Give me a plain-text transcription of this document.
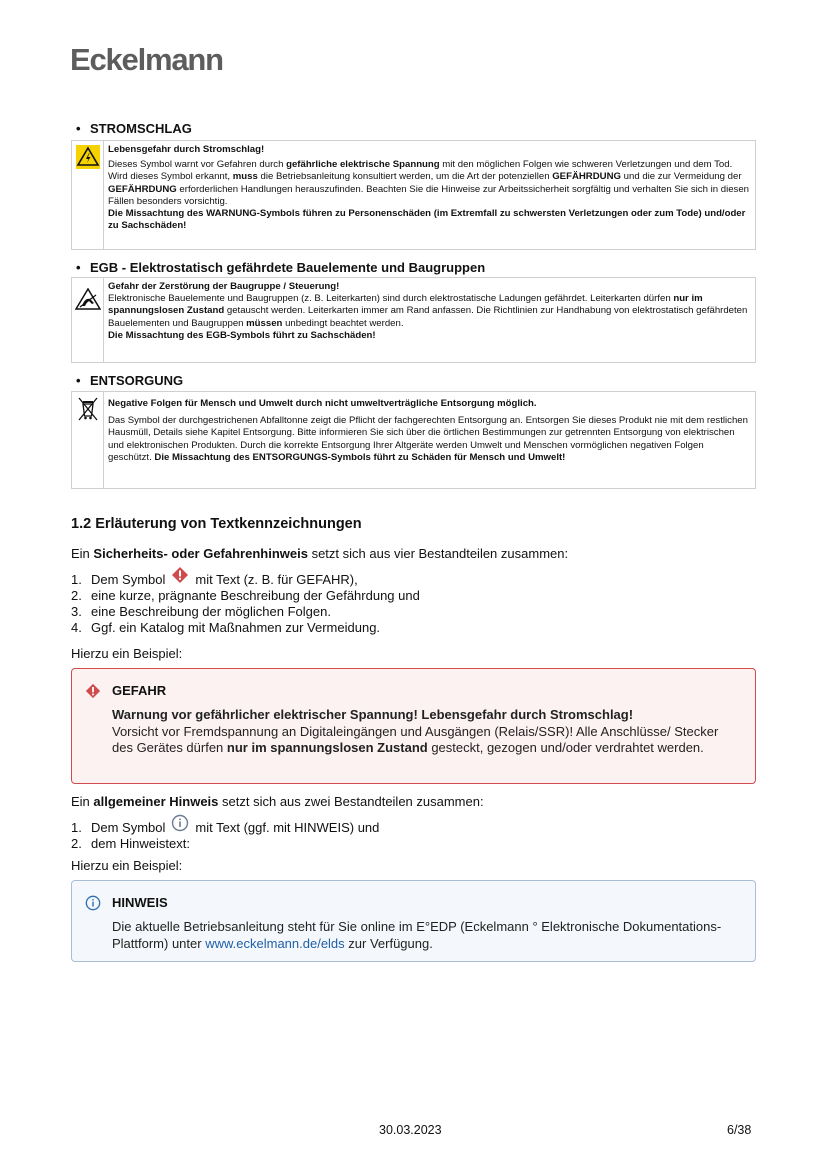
Eckelmann
• STROMSCHLAG

Lebensgefahr durch Stromschlag!

Dieses Symbol warnt vor Gefahren durch gefährliche elektrische Spannung mit den möglichen Folgen wie schweren Verletzungen und dem Tod. Wird dieses Symbol erkannt, muss die Betriebsanleitung konsultiert werden, um die Art der potenziellen GEFÄHRDUNG und die zur Vermeidung der GEFÄHRDUNG erforderlichen Handlungen herauszufinden. Beachten Sie die Hinweise zur Arbeitssicherheit sorgfältig und verhalten Sie sich in diesen Fällen besonders vorsichtig.

Die Missachtung des WARNUNG-Symbols führen zu Personenschäden (im Extremfall zu schwersten Verletzungen oder zum Tode) und/oder zu Sachschäden!

• EGB - Elektrostatisch gefährdete Bauelemente und Baugruppen

Gefahr der Zerstörung der Baugruppe / Steuerung!

Elektronische Bauelemente und Baugruppen (z. B. Leiterkarten) sind durch elektrostatische Ladungen gefährdet. Leiterkarten dürfen nur im spannungslosen Zustand getauscht werden. Leiterkarten immer am Rand anfassen. Die Richtlinien zur Handhabung von elektrostatisch gefährdeten Bauelementen und Baugruppen müssen unbedingt beachtet werden.

Die Missachtung des EGB-Symbols führt zu Sachschäden!

• ENTSORGUNG

Negative Folgen für Mensch und Umwelt durch nicht umweltverträgliche Entsorgung möglich.

Das Symbol der durchgestrichenen Abfalltonne zeigt die Pflicht der fachgerechten Entsorgung an. Entsorgen Sie dieses Produkt nie mit dem restlichen Hausmüll, Details siehe Kapitel Entsorgung. Bitte informieren Sie sich über die örtlichen Bestimmungen zur getrennten Entsorgung von elektrischen und elektronischen Produkten. Durch die korrekte Entsorgung Ihrer Altgeräte werden Umwelt und Menschen vormöglichen negativen Folgen geschützt. Die Missachtung des ENTSORGUNGS-Symbols führt zu Schäden für Mensch und Umwelt!

1.2 Erläuterung von Textkennzeichnungen
Ein Sicherheits- oder Gefahrenhinweis setzt sich aus vier Bestandteilen zusammen:
1. Dem Symbol mit Text (z. B. für GEFAHR),
2. eine kurze, prägnante Beschreibung der Gefährdung und
3. eine Beschreibung der möglichen Folgen.
4. Ggf. ein Katalog mit Maßnahmen zur Vermeidung.
Hierzu ein Beispiel:
GEFAHR
Warnung vor gefährlicher elektrischer Spannung! Lebensgefahr durch Stromschlag!
Vorsicht vor Fremdspannung an Digitaleingängen und Ausgängen (Relais/SSR)! Alle Anschlüsse/ Stecker des Gerätes dürfen nur im spannungslosen Zustand gesteckt, gezogen und/oder verdrahtet werden.
Ein allgemeiner Hinweis setzt sich aus zwei Bestandteilen zusammen:
1. Dem Symbol mit Text (ggf. mit HINWEIS) und
2. dem Hinweistext:
Hierzu ein Beispiel:
HINWEIS
Die aktuelle Betriebsanleitung steht für Sie online im E°EDP (Eckelmann ° Elektronische Dokumentations-Plattform) unter www.eckelmann.de/elds zur Verfügung.
30.03.2023	6/38
